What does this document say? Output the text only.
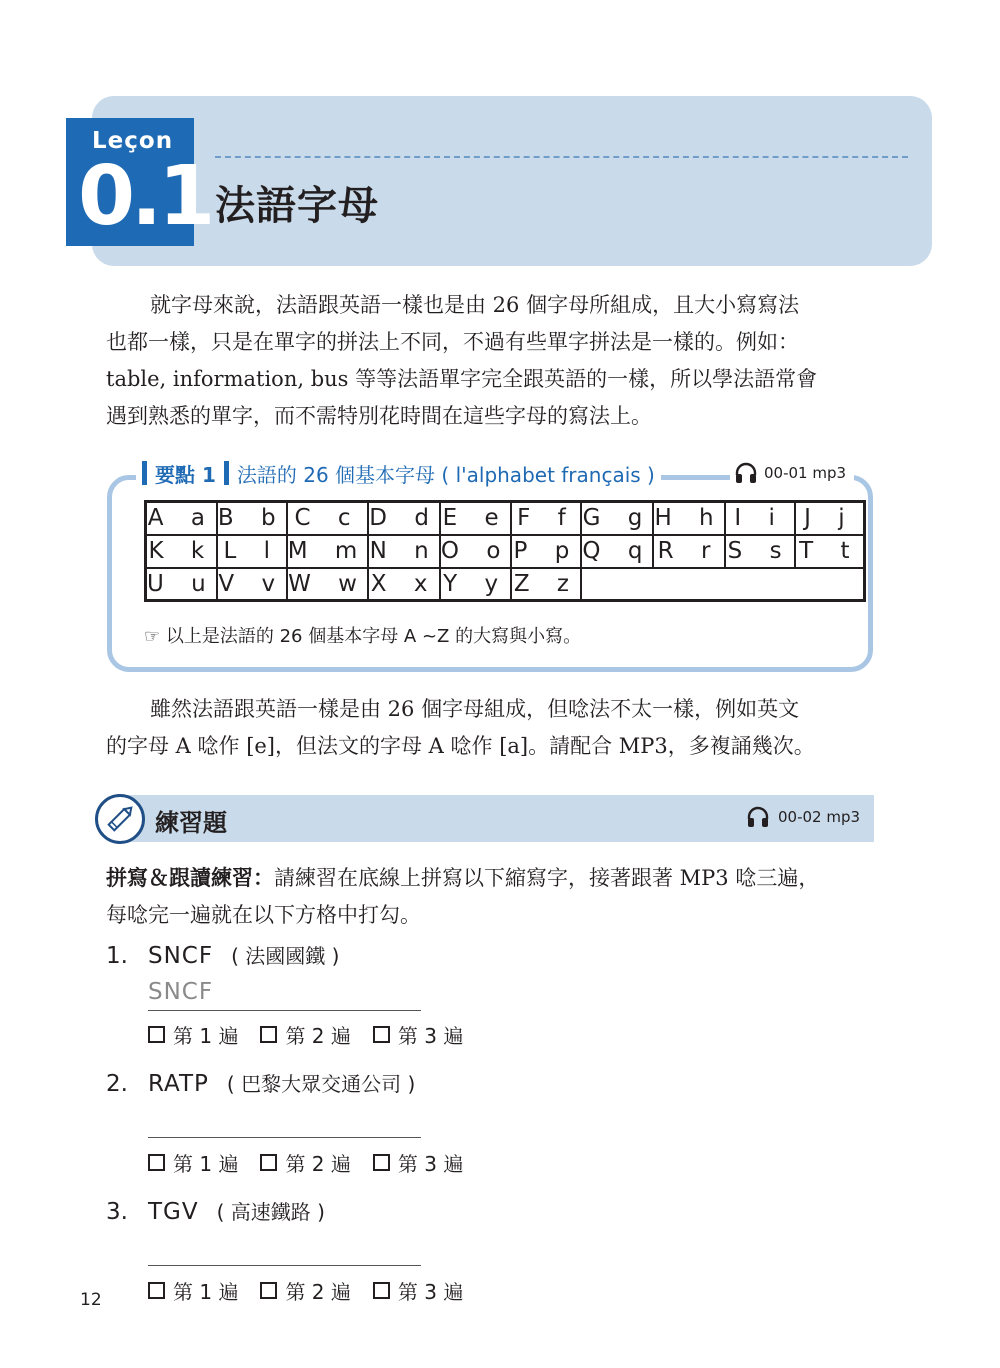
Leçon
0.1 法語字母
就字母來說，法語跟英語一樣也是由 26 個字母所組成，且大小寫寫法
也都一樣，只是在單字的拼法上不同，不過有些單字拼法是一樣的。例如：
table, information, bus 等等法語單字完全跟英語的一樣，所以學法語常會
遇到熟悉的單字，而不需特別花時間在這些字母的寫法上。
要點 1 法語的 26 個基本字母 ( l'alphabet français )	00-01 mp3
A a	B b	C c	D d	E e	F f	G g	H h	I i	J j
K k	L l	M m	N n	O o	P p	Q q	R r	S s	T t
U u	V v	W w	X x	Y y	Z z				
☞ 以上是法語的 26 個基本字母 A ~Z 的大寫與小寫。
雖然法語跟英語一樣是由 26 個字母組成，但唸法不太一樣，例如英文
的字母 A 唸作 [e]，但法文的字母 A 唸作 [a]。請配合 MP3，多複誦幾次。
練習題	00-02 mp3
拼寫＆跟讀練習：請練習在底線上拼寫以下縮寫字，接著跟著 MP3 唸三遍，
每唸完一遍就在以下方格中打勾。
1. SNCF ( 法國國鐵 )
SNCF
第 1 遍 第 2 遍 第 3 遍
2. RATP ( 巴黎大眾交通公司 )
第 1 遍 第 2 遍 第 3 遍
3. TGV ( 高速鐵路 )
第 1 遍 第 2 遍 第 3 遍
12
